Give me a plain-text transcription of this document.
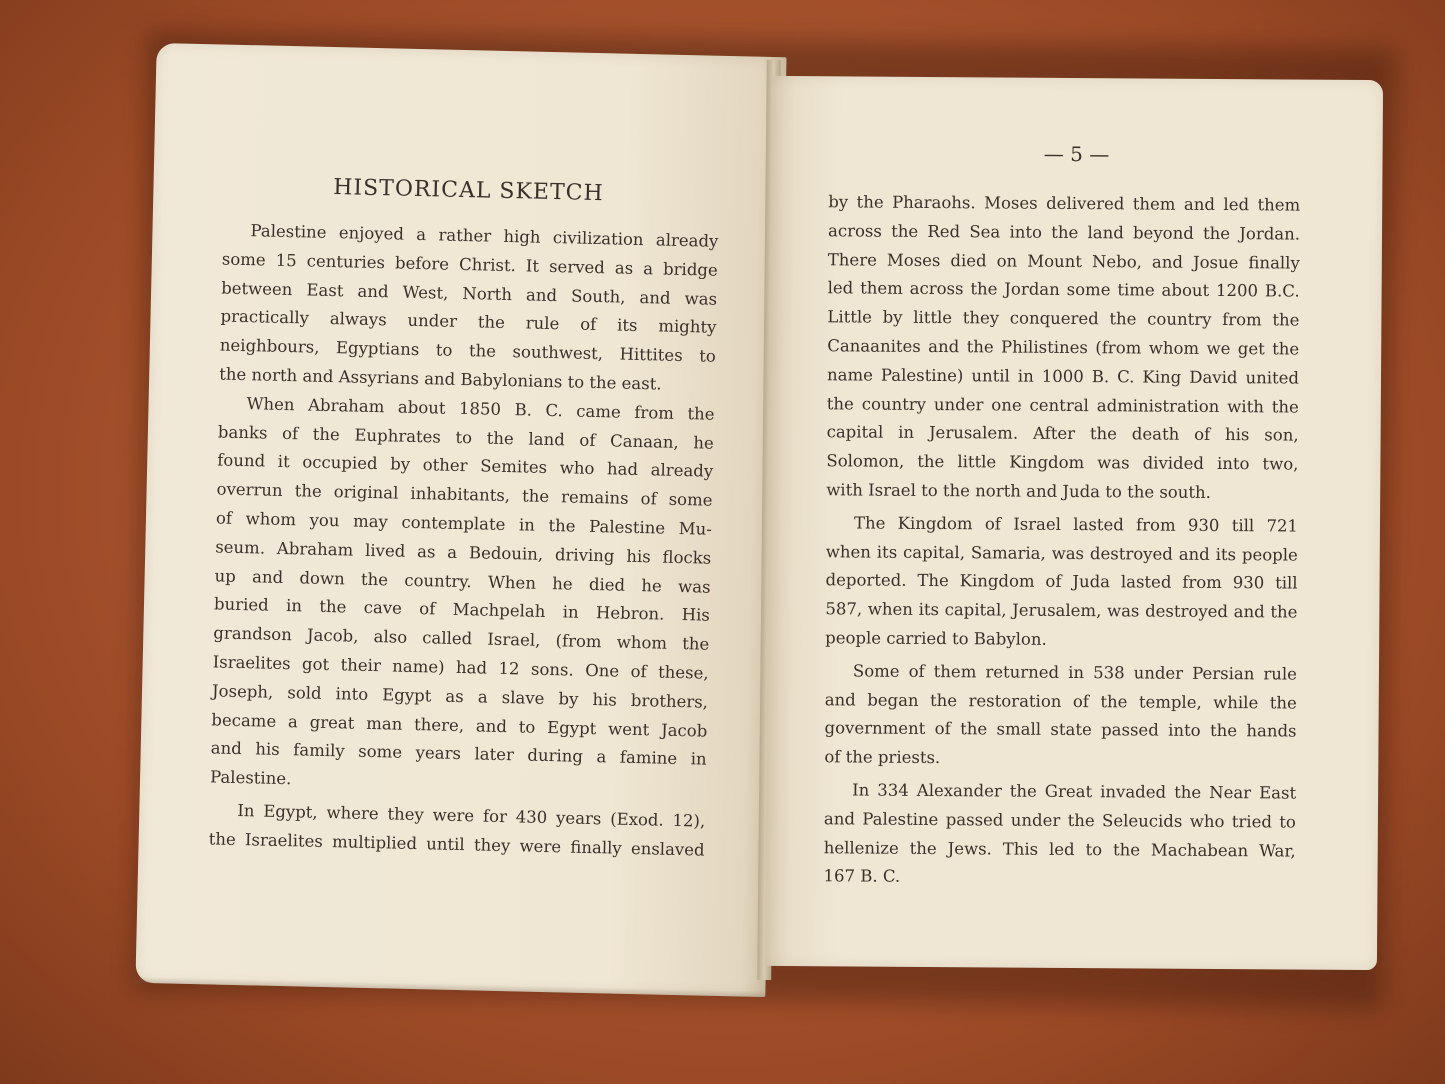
HISTORICAL SKETCH
Palestine enjoyed a rather high civilization already
some 15 centuries before Christ. It served as a bridge
between East and West, North and South, and was
practically always under the rule of its mighty
neighbours, Egyptians to the southwest, Hittites to
the north and Assyrians and Babylonians to the east.
When Abraham about 1850 B. C. came from the
banks of the Euphrates to the land of Canaan, he
found it occupied by other Semites who had already
overrun the original inhabitants, the remains of some
of whom you may contemplate in the Palestine Mu-
seum. Abraham lived as a Bedouin, driving his flocks
up and down the country. When he died he was
buried in the cave of Machpelah in Hebron. His
grandson Jacob, also called Israel, (from whom the
Israelites got their name) had 12 sons. One of these,
Joseph, sold into Egypt as a slave by his brothers,
became a great man there, and to Egypt went Jacob
and his family some years later during a famine in
Palestine.
In Egypt, where they were for 430 years (Exod. 12),
the Israelites multiplied until they were finally enslaved
— 5 —
by the Pharaohs. Moses delivered them and led them
across the Red Sea into the land beyond the Jordan.
There Moses died on Mount Nebo, and Josue finally
led them across the Jordan some time about 1200 B.C.
Little by little they conquered the country from the
Canaanites and the Philistines (from whom we get the
name Palestine) until in 1000 B. C. King David united
the country under one central administration with the
capital in Jerusalem. After the death of his son,
Solomon, the little Kingdom was divided into two,
with Israel to the north and Juda to the south.
The Kingdom of Israel lasted from 930 till 721
when its capital, Samaria, was destroyed and its people
deported. The Kingdom of Juda lasted from 930 till
587, when its capital, Jerusalem, was destroyed and the
people carried to Babylon.
Some of them returned in 538 under Persian rule
and began the restoration of the temple, while the
government of the small state passed into the hands
of the priests.
In 334 Alexander the Great invaded the Near East
and Palestine passed under the Seleucids who tried to
hellenize the Jews. This led to the Machabean War,
167 B. C.
